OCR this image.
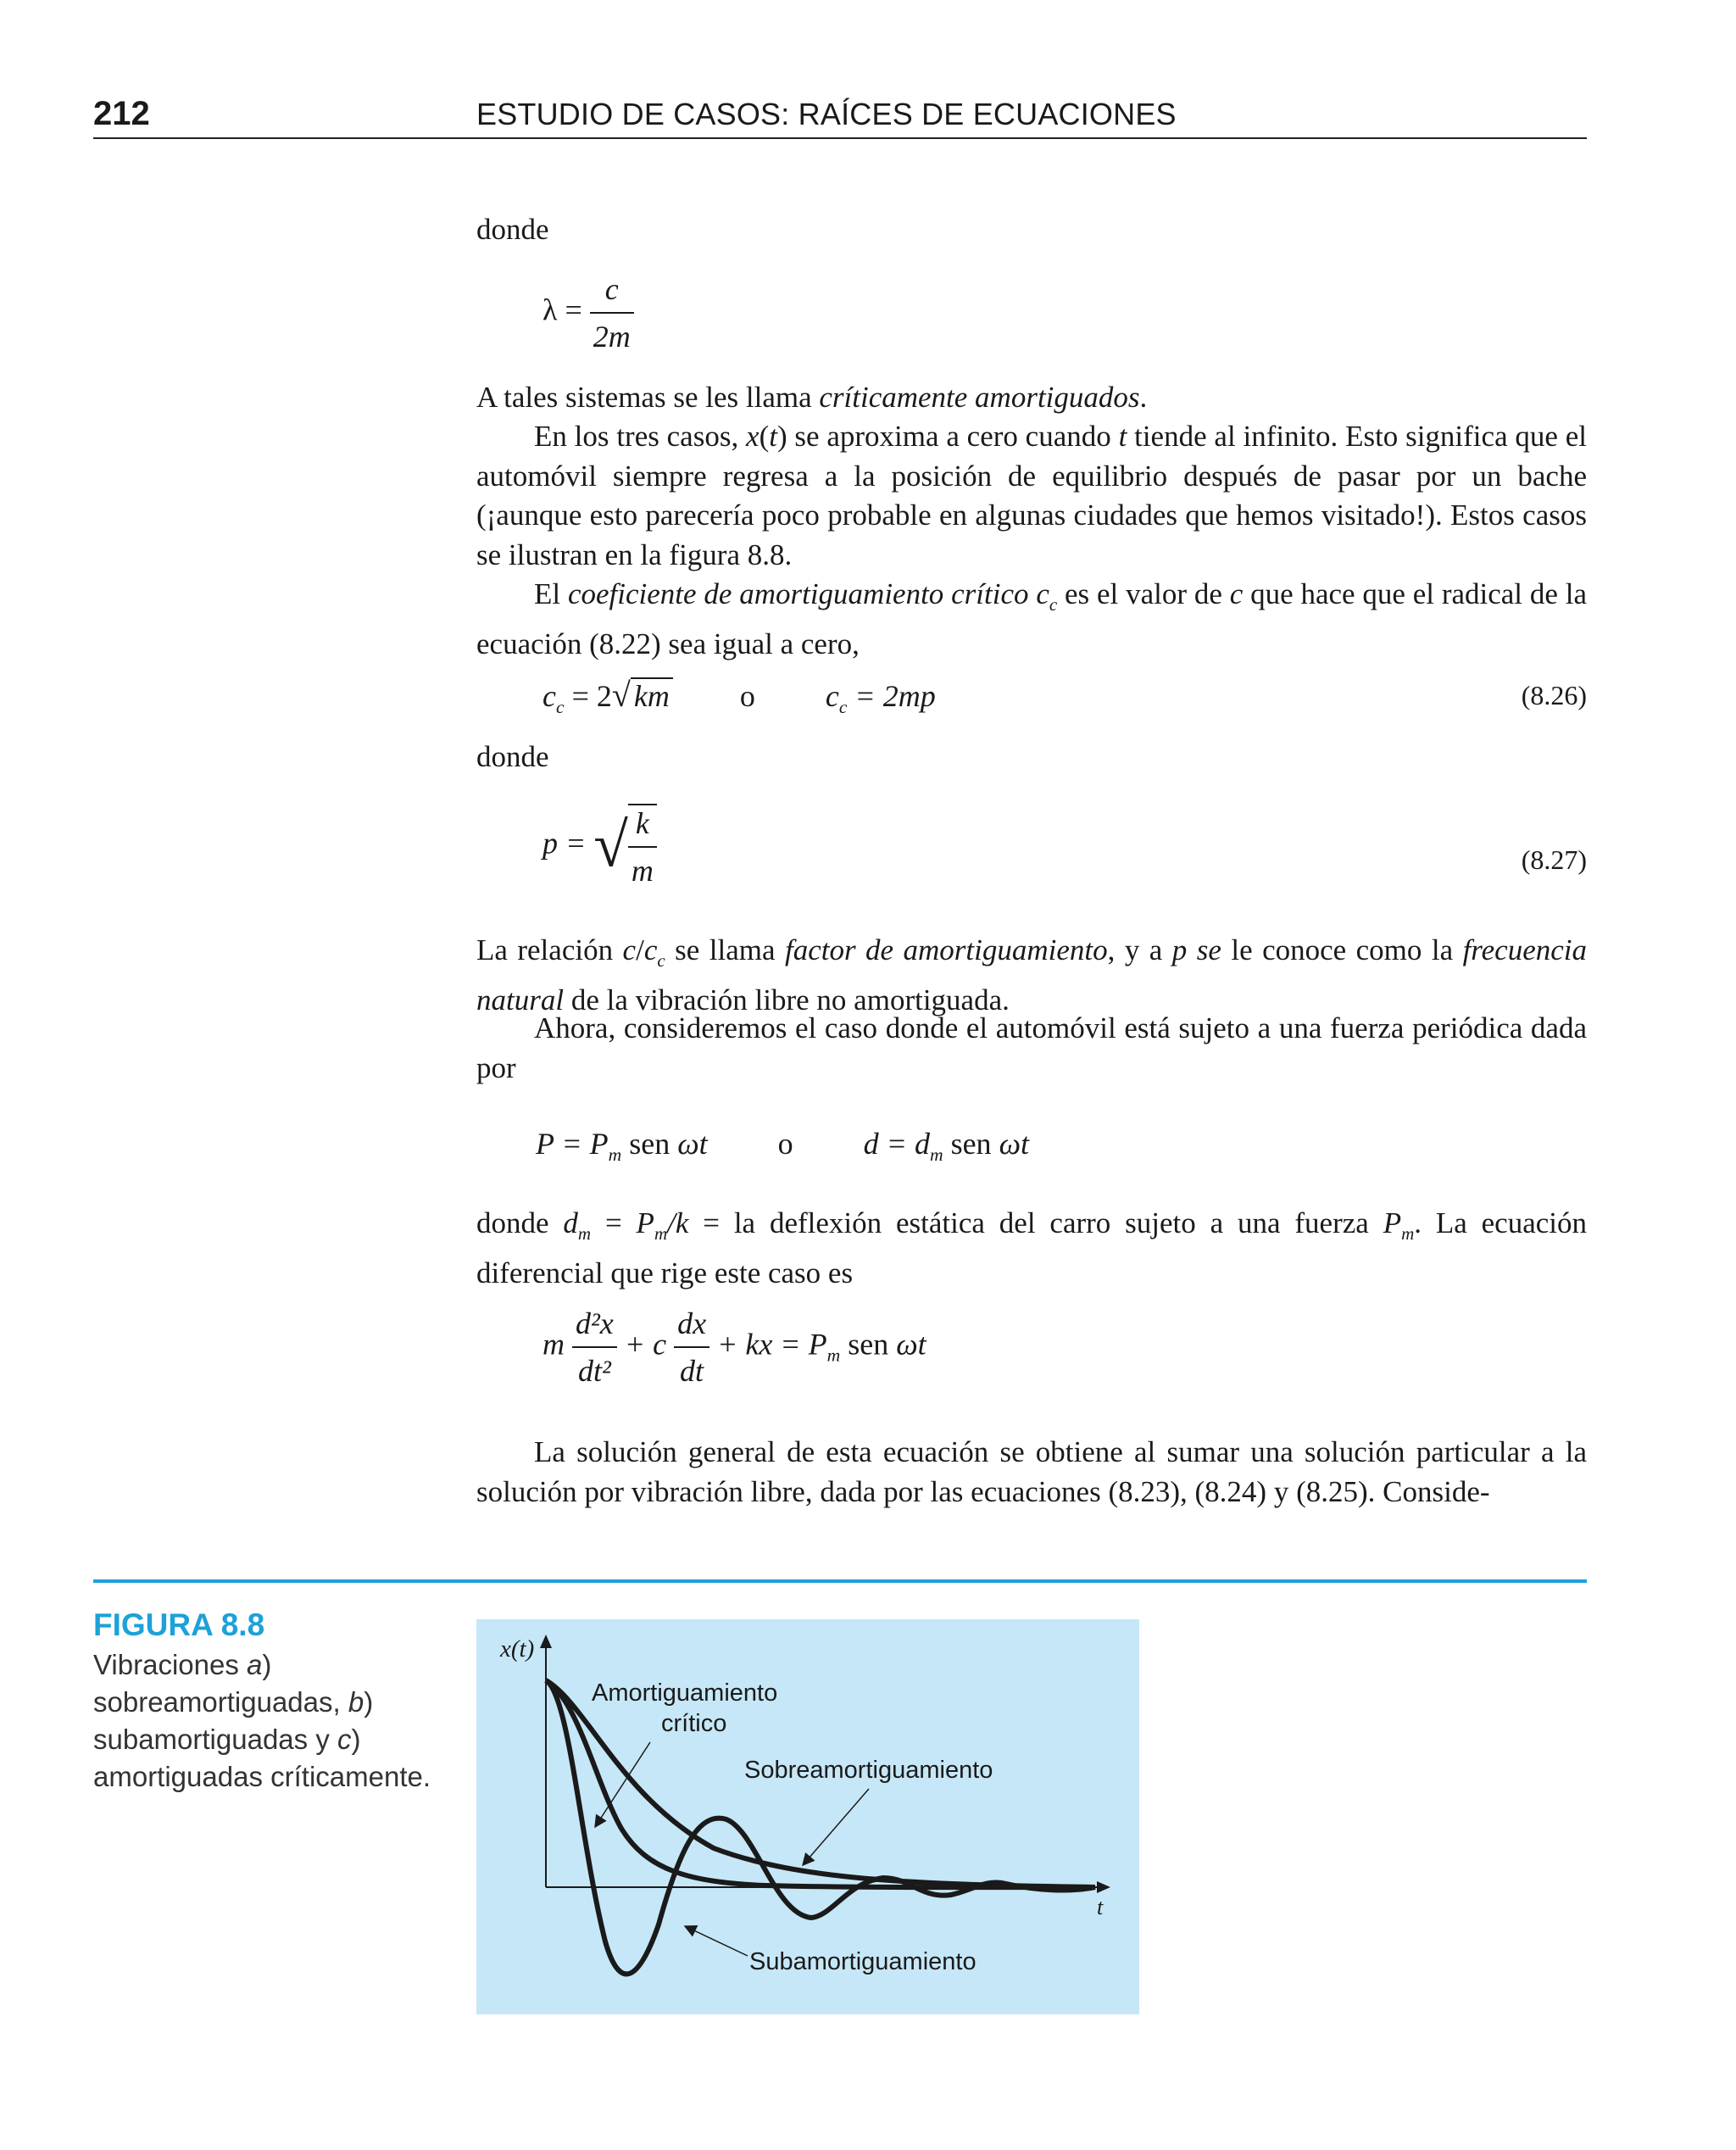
212	ESTUDIO DE CASOS: RAÍCES DE ECUACIONES
donde
$\lambda = \frac{c}{2m}$
A tales sistemas se les llama críticamente amortiguados.
En los tres casos, x(t) se aproxima a cero cuando t tiende al infinito. Esto significa que el automóvil siempre regresa a la posición de equilibrio después de pasar por un bache (¡aunque esto parecería poco probable en algunas ciudades que hemos visitado!). Estos casos se ilustran en la figura 8.8.
El coeficiente de amortiguamiento crítico $c_c$ es el valor de c que hace que el radical de la ecuación (8.22) sea igual a cero,
$c_c = 2√$ km o $c_c = 2mp$	(8.26)
donde
p = √ $\frac{k}{m}$	(8.27)
La relación $c/c_c$ se llama factor de amortiguamiento, y a p se le conoce como la frecuencia natural de la vibración libre no amortiguada.
Ahora, consideremos el caso donde el automóvil está sujeto a una fuerza periódica dada por
$P = P_m$ sen ωt o $d = d_m$ sen ωt
donde $d_m = P_m/k$ = la deflexión estática del carro sujeto a una fuerza $P_m$. La ecuación diferencial que rige este caso es
m $\frac{\text{d²x}}{\text{dt²}} + c \frac{dx}{dt}$ + kx = $P_m$ sen ωt
La solución general de esta ecuación se obtiene al sumar una solución particular a la solución por vibración libre, dada por las ecuaciones (8.23), (8.24) y (8.25). Conside-
FIGURA 8.8
Vibraciones a) sobreamortiguadas, b) subamortiguadas y c) amortiguadas críticamente.
x(t)
t
Amortiguamiento
crítico
Sobreamortiguamiento
Subamortiguamiento
